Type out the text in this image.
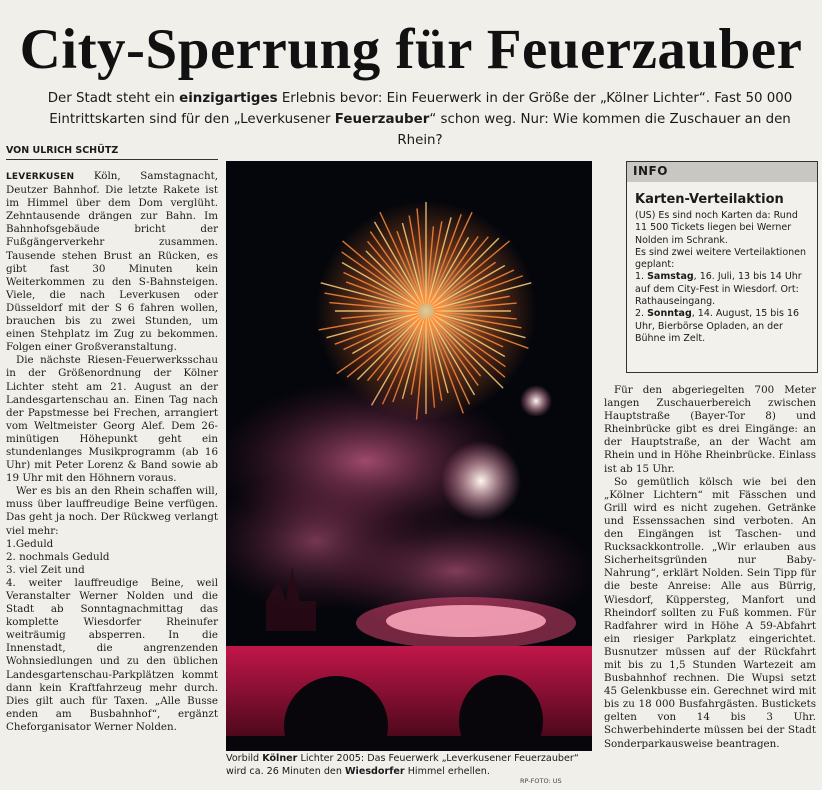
City-Sperrung für Feuerzauber
Der Stadt steht ein einzigartiges Erlebnis bevor: Ein Feuerwerk in der Größe der „Kölner Lichter“. Fast 50 000 Eintrittskarten sind für den „Leverkusener Feuerzauber“ schon weg. Nur: Wie kommen die Zuschauer an den Rhein?
VON ULRICH SCHÜTZ

LEVERKUSEN Köln, Samstagnacht, Deutzer Bahnhof. Die letzte Rakete ist im Himmel über dem Dom verglüht. Zehntausende drängen zur Bahn. Im Bahnhofsgebäude bricht der Fußgängerverkehr zusammen. Tausende stehen Brust an Rücken, es gibt fast 30 Minuten kein Weiterkommen zu den S-Bahnsteigen. Viele, die nach Leverkusen oder Düsseldorf mit der S 6 fahren wollen, brauchen bis zu zwei Stunden, um einen Stehplatz im Zug zu bekommen. Folgen einer Großveranstaltung.

Die nächste Riesen-Feuerwerksschau in der Größenordnung der Kölner Lichter steht am 21. August an der Landesgartenschau an. Einen Tag nach der Papstmesse bei Frechen, arrangiert vom Weltmeister Georg Alef. Dem 26-minütigen Höhepunkt geht ein stundenlanges Musikprogramm (ab 16 Uhr) mit Peter Lorenz & Band sowie ab 19 Uhr mit den Höhnern voraus.

Wer es bis an den Rhein schaffen will, muss über lauffreudige Beine verfügen. Das geht ja noch. Der Rückweg verlangt viel mehr:

1.Geduld
2. nochmals Geduld
3. viel Zeit und
4. weiter lauffreudige Beine, weil Veranstalter Werner Nolden und die Stadt ab Sonntagnachmittag das komplette Wiesdorfer Rheinufer weiträumig absperren. In die Innenstadt, die angrenzenden Wohnsiedlungen und zu den üblichen Landesgartenschau-Parkplätzen kommt dann kein Kraftfahrzeug mehr durch. Dies gilt auch für Taxen. „Alle Busse enden am Busbahnhof“, ergänzt Cheforganisator Werner Nolden.
Vorbild Kölner Lichter 2005: Das Feuerwerk „Leverkusener Feuerzauber“ wird ca. 26 Minuten den Wiesdorfer Himmel erhellen.
RP-FOTO: US
INFO
Karten-Verteilaktion

(US) Es sind noch Karten da: Rund 11 500 Tickets liegen bei Werner Nolden im Schrank.

Es sind zwei weitere Verteilaktionen geplant:

1. Samstag, 16. Juli, 13 bis 14 Uhr auf dem City-Fest in Wiesdorf. Ort: Rathauseingang.

2. Sonntag, 14. August, 15 bis 16 Uhr, Bierbörse Opladen, an der Bühne im Zelt.

Für den abgeriegelten 700 Meter langen Zuschauerbereich zwischen Hauptstraße (Bayer-Tor 8) und Rheinbrücke gibt es drei Eingänge: an der Hauptstraße, an der Wacht am Rhein und in Höhe Rheinbrücke. Einlass ist ab 15 Uhr.

So gemütlich kölsch wie bei den „Kölner Lichtern“ mit Fässchen und Grill wird es nicht zugehen. Getränke und Essenssachen sind verboten. An den Eingängen ist Taschen- und Rucksackkontrolle. „Wir erlauben aus Sicherheitsgründen nur Baby-Nahrung“, erklärt Nolden. Sein Tipp für die beste Anreise: Alle aus Bürrig, Wiesdorf, Küppersteg, Manfort und Rheindorf sollten zu Fuß kommen. Für Radfahrer wird in Höhe A 59-Abfahrt ein riesiger Parkplatz eingerichtet. Busnutzer müssen auf der Rückfahrt mit bis zu 1,5 Stunden Wartezeit am Busbahnhof rechnen. Die Wupsi setzt 45 Gelenkbusse ein. Gerechnet wird mit bis zu 18 000 Busfahrgästen. Bustickets gelten von 14 bis 3 Uhr. Schwerbehinderte müssen bei der Stadt Sonderparkausweise beantragen.
